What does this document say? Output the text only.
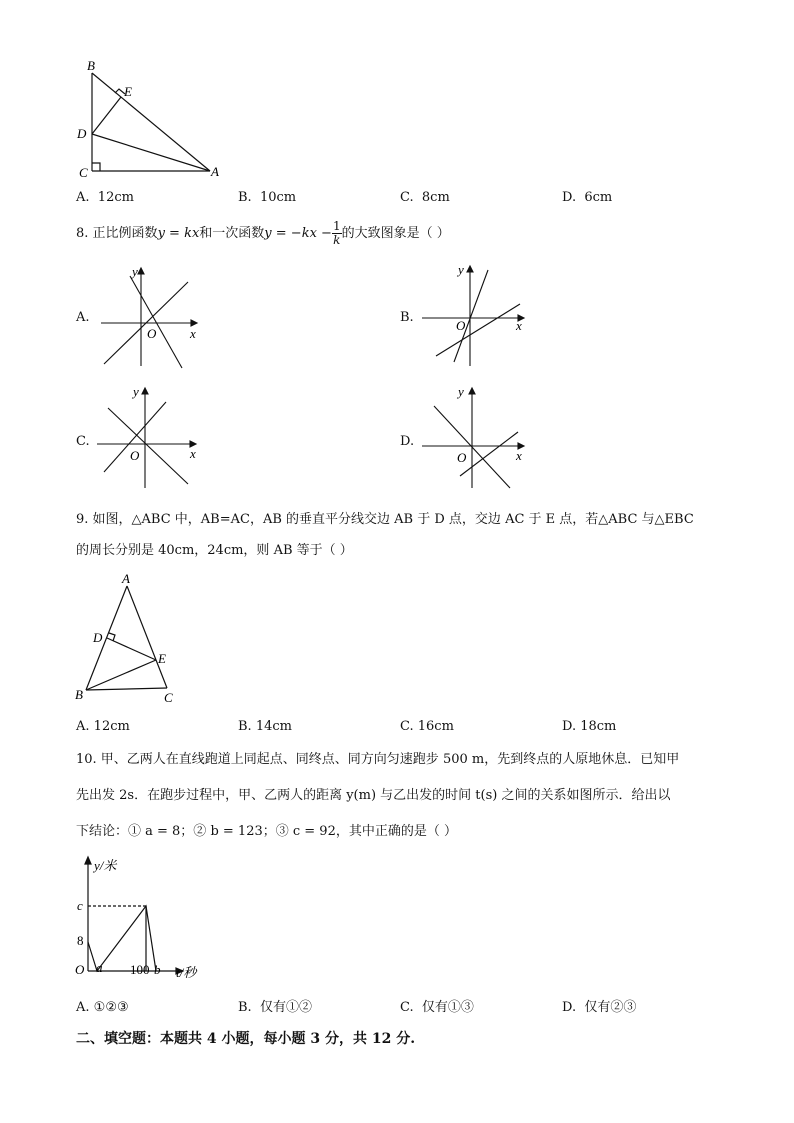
B
E
D
C	A
A. 12cm	B. 10cm	C. 8cm	D. 6cm
8. 正比例函数y = kx和一次函数$y = -kx - \frac{1}{k}$ 的大致图象是（ ）
A.
y
x
O
B.
y
x
O
C.
y
x
O
D.
y
x
O
9. 如图，△ABC 中，AB=AC，AB 的垂直平分线交边 AB 于 D 点，交边 AC 于 E 点，若△ABC 与△EBC
的周长分别是 40cm，24cm，则 AB 等于（ ）
A
D
E
B	C
A. 12cm	B. 14cm	C. 16cm	D. 18cm
10. 甲、乙两人在直线跑道上同起点、同终点、同方向匀速跑步 500 m，先到终点的人原地休息．已知甲
先出发 2s．在跑步过程中，甲、乙两人的距离 y(m) 与乙出发的时间 t(s) 之间的关系如图所示．给出以
下结论：① a = 8；② b = 123；③ c = 92，其中正确的是（ ）
y/米
c
8
O a 100 b t/秒
A. ①②③	B. 仅有①②	C. 仅有①③	D. 仅有②③
二、填空题：本题共 4 小题，每小题 3 分，共 12 分.
